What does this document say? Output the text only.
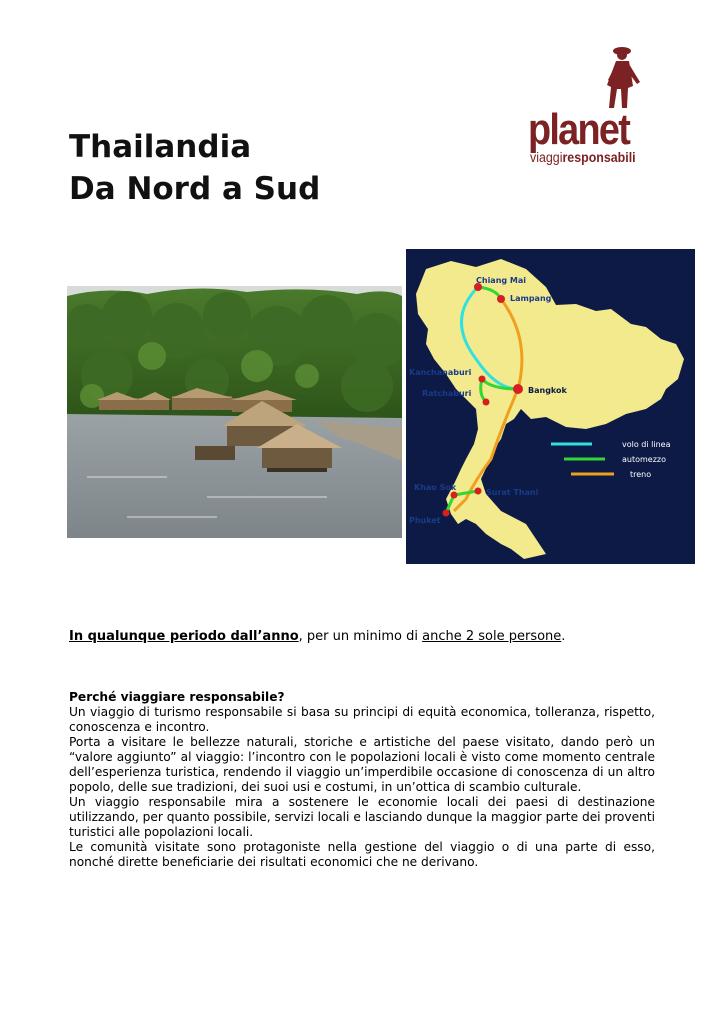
Thailandia
Da Nord a Sud
planet
viaggiresponsabili
Chiang Mai
Lampang
Kanchanaburi
Bangkok
Ratchaburi
Khao Sok
Surat Thani
Phuket
volo di linea
automezzo
treno

In qualunque periodo dall’anno, per un minimo di anche 2 sole persone.

Perché viaggiare responsabile?

Un viaggio di turismo responsabile si basa su principi di equità economica, tolleranza, rispetto, conoscenza e incontro.

Porta a visitare le bellezze naturali, storiche e artistiche del paese visitato, dando però un “valore aggiunto” al viaggio: l’incontro con le popolazioni locali è visto come momento centrale dell’esperienza turistica, rendendo il viaggio un’imperdibile occasione di conoscenza di un altro popolo, delle sue tradizioni, dei suoi usi e costumi, in un’ottica di scambio culturale.

Un viaggio responsabile mira a sostenere le economie locali dei paesi di destinazione utilizzando, per quanto possibile, servizi locali e lasciando dunque la maggior parte dei proventi turistici alle popolazioni locali.

Le comunità visitate sono protagoniste nella gestione del viaggio o di una parte di esso, nonché dirette beneficiarie dei risultati economici che ne derivano.
